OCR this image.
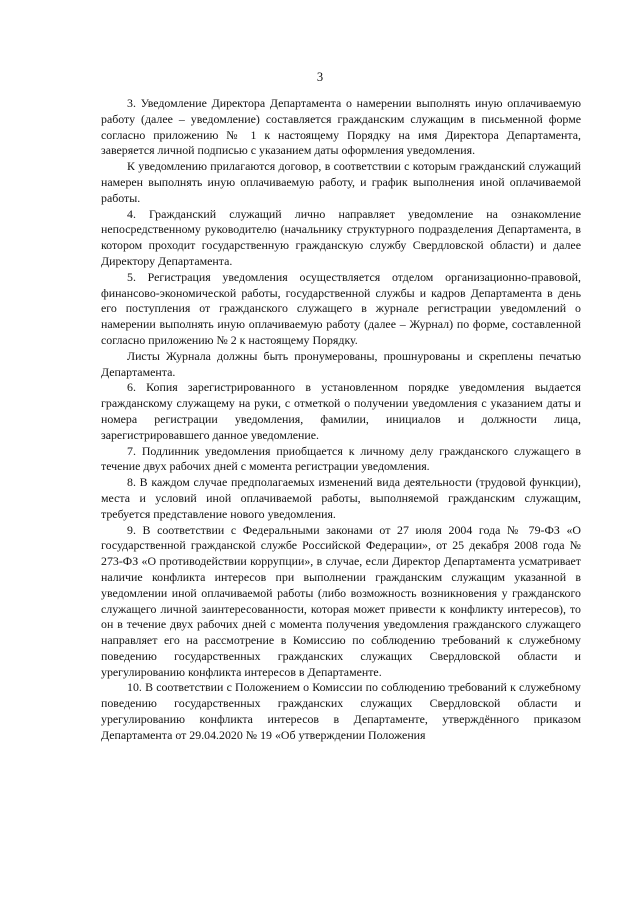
3

3. Уведомление Директора Департамента о намерении выполнять иную оплачиваемую работу (далее – уведомление) составляется гражданским служащим в письменной форме согласно приложению № 1 к настоящему Порядку на имя Директора Департамента, заверяется личной подписью с указанием даты оформления уведомления.

К уведомлению прилагаются договор, в соответствии с которым гражданский служащий намерен выполнять иную оплачиваемую работу, и график выполнения иной оплачиваемой работы.

4. Гражданский служащий лично направляет уведомление на ознакомление непосредственному руководителю (начальнику структурного подразделения Департамента, в котором проходит государственную гражданскую службу Свердловской области) и далее Директору Департамента.

5. Регистрация уведомления осуществляется отделом организационно-правовой, финансово-экономической работы, государственной службы и кадров Департамента в день его поступления от гражданского служащего в журнале регистрации уведомлений о намерении выполнять иную оплачиваемую работу (далее – Журнал) по форме, составленной согласно приложению № 2 к настоящему Порядку.

Листы Журнала должны быть пронумерованы, прошнурованы и скреплены печатью Департамента.

6. Копия зарегистрированного в установленном порядке уведомления выдается гражданскому служащему на руки, с отметкой о получении уведомления с указанием даты и номера регистрации уведомления, фамилии, инициалов и должности лица, зарегистрировавшего данное уведомление.

7. Подлинник уведомления приобщается к личному делу гражданского служащего в течение двух рабочих дней с момента регистрации уведомления.

8. В каждом случае предполагаемых изменений вида деятельности (трудовой функции), места и условий иной оплачиваемой работы, выполняемой гражданским служащим, требуется представление нового уведомления.

9. В соответствии с Федеральными законами от 27 июля 2004 года № 79-ФЗ «О государственной гражданской службе Российской Федерации», от 25 декабря 2008 года № 273-ФЗ «О противодействии коррупции», в случае, если Директор Департамента усматривает наличие конфликта интересов при выполнении гражданским служащим указанной в уведомлении иной оплачиваемой работы (либо возможность возникновения у гражданского служащего личной заинтересованности, которая может привести к конфликту интересов), то он в течение двух рабочих дней с момента получения уведомления гражданского служащего направляет его на рассмотрение в Комиссию по соблюдению требований к служебному поведению государственных гражданских служащих Свердловской области и урегулированию конфликта интересов в Департаменте.

10. В соответствии с Положением о Комиссии по соблюдению требований к служебному поведению государственных гражданских служащих Свердловской области и урегулированию конфликта интересов в Департаменте, утверждённого приказом Департамента от 29.04.2020 № 19 «Об утверждении Положения
